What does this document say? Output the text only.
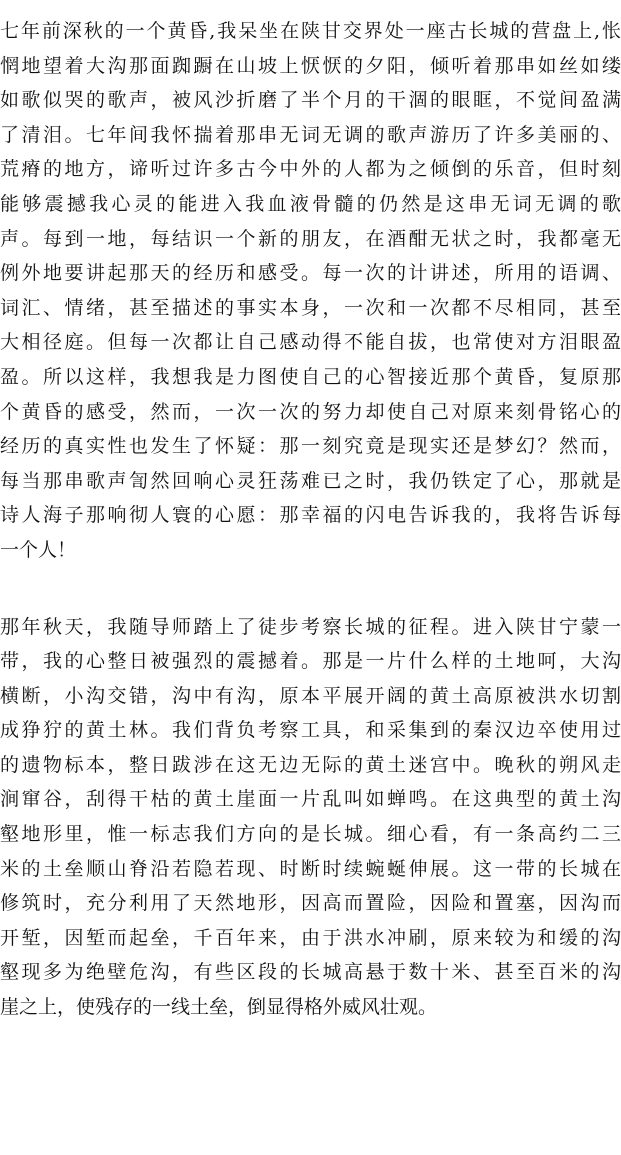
七年前深秋的一个黄昏,我呆坐在陕甘交界处一座古长城的营盘上,怅
惘地望着大沟那面踟蹰在山坡上恹恹的夕阳，倾听着那串如丝如缕
如歌似哭的歌声，被风沙折磨了半个月的干涸的眼眶，不觉间盈满
了清泪。七年间我怀揣着那串无词无调的歌声游历了许多美丽的、
荒瘠的地方，谛听过许多古今中外的人都为之倾倒的乐音，但时刻
能够震撼我心灵的能进入我血液骨髓的仍然是这串无词无调的歌
声。每到一地，每结识一个新的朋友，在酒酣无状之时，我都毫无
例外地要讲起那天的经历和感受。每一次的计讲述，所用的语调、
词汇、情绪，甚至描述的事实本身，一次和一次都不尽相同，甚至
大相径庭。但每一次都让自己感动得不能自拔，也常使对方泪眼盈
盈。所以这样，我想我是力图使自己的心智接近那个黄昏，复原那
个黄昏的感受，然而，一次一次的努力却使自己对原来刻骨铭心的
经历的真实性也发生了怀疑：那一刻究竟是现实还是梦幻？然而，
每当那串歌声訇然回响心灵狂荡难已之时，我仍铁定了心，那就是
诗人海子那响彻人寰的心愿：那幸福的闪电告诉我的，我将告诉每
一个人！
那年秋天，我随导师踏上了徒步考察长城的征程。进入陕甘宁蒙一
带，我的心整日被强烈的震撼着。那是一片什么样的土地呵，大沟
横断，小沟交错，沟中有沟，原本平展开阔的黄土高原被洪水切割
成狰狞的黄土林。我们背负考察工具，和采集到的秦汉边卒使用过
的遗物标本，整日跋涉在这无边无际的黄土迷宫中。晚秋的朔风走
涧窜谷，刮得干枯的黄土崖面一片乱叫如蝉鸣。在这典型的黄土沟
壑地形里，惟一标志我们方向的是长城。细心看，有一条高约二三
米的土垒顺山脊沿若隐若现、时断时续蜿蜒伸展。这一带的长城在
修筑时，充分利用了天然地形，因高而置险，因险和置塞，因沟而
开堑，因堑而起垒，千百年来，由于洪水冲刷，原来较为和缓的沟
壑现多为绝壁危沟，有些区段的长城高悬于数十米、甚至百米的沟
崖之上，使残存的一线土垒，倒显得格外威风壮观。
